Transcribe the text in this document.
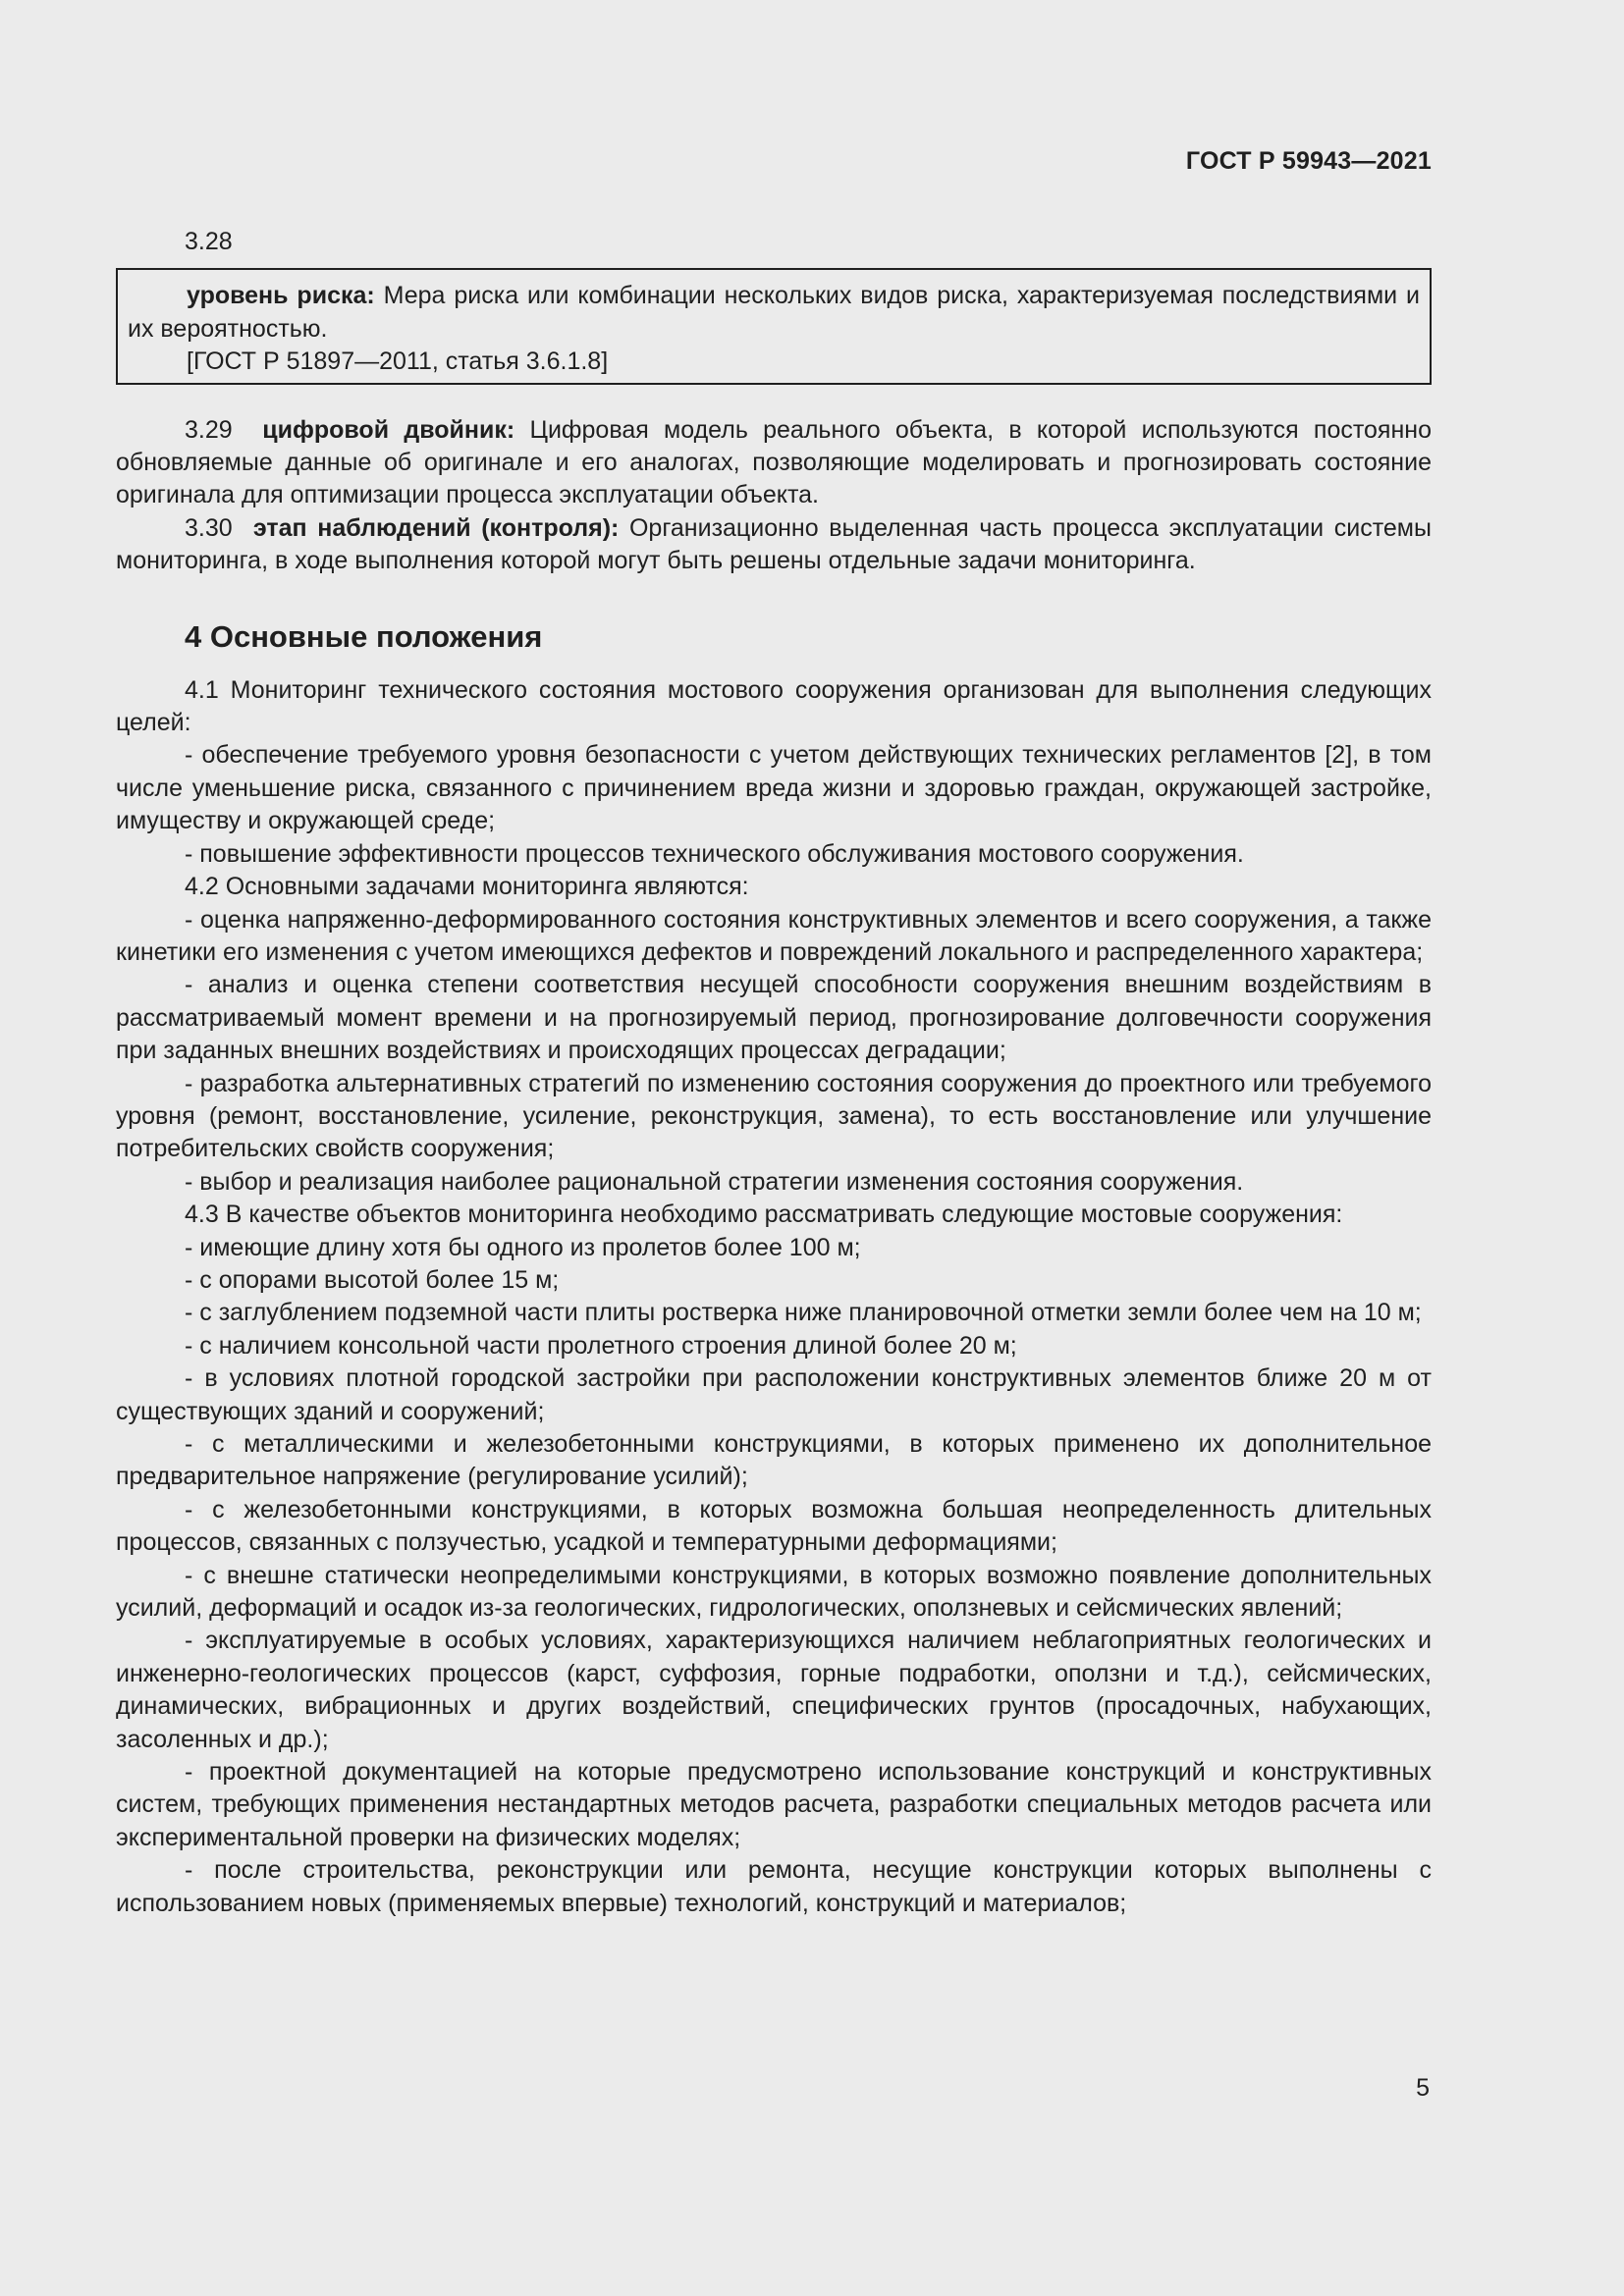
ГОСТ Р 59943—2021

3.28

уровень риска: Мера риска или комбинации нескольких видов риска, характеризуемая последствиями и их вероятностью.

[ГОСТ Р 51897—2011, статья 3.6.1.8]

3.29 цифровой двойник: Цифровая модель реального объекта, в которой используются постоянно обновляемые данные об оригинале и его аналогах, позволяющие моделировать и прогнозировать состояние оригинала для оптимизации процесса эксплуатации объекта.

3.30 этап наблюдений (контроля): Организационно выделенная часть процесса эксплуатации системы мониторинга, в ходе выполнения которой могут быть решены отдельные задачи мониторинга.

4 Основные положения

4.1 Мониторинг технического состояния мостового сооружения организован для выполнения следующих целей:

- обеспечение требуемого уровня безопасности с учетом действующих технических регламентов [2], в том числе уменьшение риска, связанного с причинением вреда жизни и здоровью граждан, окружающей застройке, имуществу и окружающей среде;

- повышение эффективности процессов технического обслуживания мостового сооружения.

4.2 Основными задачами мониторинга являются:

- оценка напряженно-деформированного состояния конструктивных элементов и всего сооружения, а также кинетики его изменения с учетом имеющихся дефектов и повреждений локального и распределенного характера;

- анализ и оценка степени соответствия несущей способности сооружения внешним воздействиям в рассматриваемый момент времени и на прогнозируемый период, прогнозирование долговечности сооружения при заданных внешних воздействиях и происходящих процессах деградации;

- разработка альтернативных стратегий по изменению состояния сооружения до проектного или требуемого уровня (ремонт, восстановление, усиление, реконструкция, замена), то есть восстановление или улучшение потребительских свойств сооружения;

- выбор и реализация наиболее рациональной стратегии изменения состояния сооружения.

4.3 В качестве объектов мониторинга необходимо рассматривать следующие мостовые сооружения:

- имеющие длину хотя бы одного из пролетов более 100 м;

- с опорами высотой более 15 м;

- с заглублением подземной части плиты ростверка ниже планировочной отметки земли более чем на 10 м;

- с наличием консольной части пролетного строения длиной более 20 м;

- в условиях плотной городской застройки при расположении конструктивных элементов ближе 20 м от существующих зданий и сооружений;

- с металлическими и железобетонными конструкциями, в которых применено их дополнительное предварительное напряжение (регулирование усилий);

- с железобетонными конструкциями, в которых возможна большая неопределенность длительных процессов, связанных с ползучестью, усадкой и температурными деформациями;

- с внешне статически неопределимыми конструкциями, в которых возможно появление дополнительных усилий, деформаций и осадок из-за геологических, гидрологических, оползневых и сейсмических явлений;

- эксплуатируемые в особых условиях, характеризующихся наличием неблагоприятных геологических и инженерно-геологических процессов (карст, суффозия, горные подработки, оползни и т.д.), сейсмических, динамических, вибрационных и других воздействий, специфических грунтов (просадочных, набухающих, засоленных и др.);

- проектной документацией на которые предусмотрено использование конструкций и конструктивных систем, требующих применения нестандартных методов расчета, разработки специальных методов расчета или экспериментальной проверки на физических моделях;

- после строительства, реконструкции или ремонта, несущие конструкции которых выполнены с использованием новых (применяемых впервые) технологий, конструкций и материалов;

5
